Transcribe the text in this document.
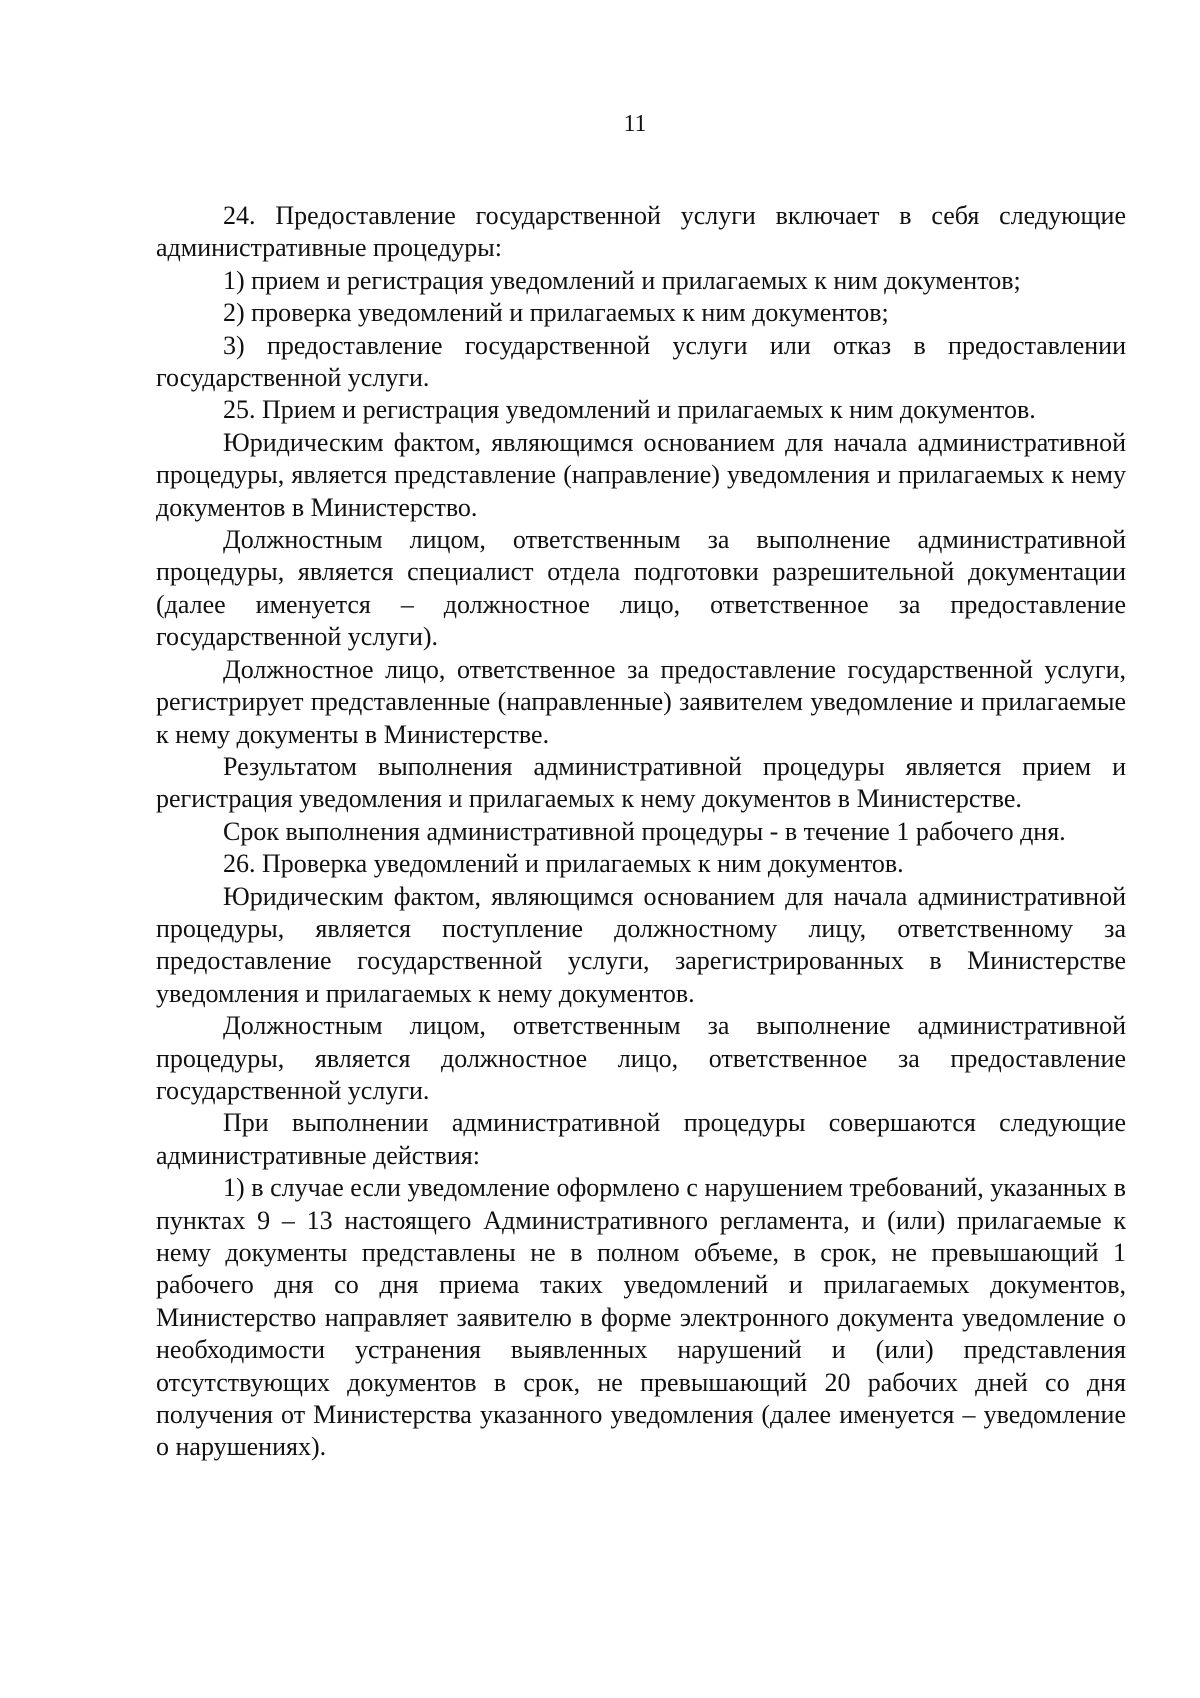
11

24. Предоставление государственной услуги включает в себя следующие административные процедуры:

1) прием и регистрация уведомлений и прилагаемых к ним документов;

2) проверка уведомлений и прилагаемых к ним документов;

3) предоставление государственной услуги или отказ в предоставлении государственной услуги.

25. Прием и регистрация уведомлений и прилагаемых к ним документов.

Юридическим фактом, являющимся основанием для начала административной процедуры, является представление (направление) уведомления и прилагаемых к нему документов в Министерство.

Должностным лицом, ответственным за выполнение административной процедуры, является специалист отдела подготовки разрешительной документации (далее именуется – должностное лицо, ответственное за предоставление государственной услуги).

Должностное лицо, ответственное за предоставление государственной услуги, регистрирует представленные (направленные) заявителем уведомление и прилагаемые к нему документы в Министерстве.

Результатом выполнения административной процедуры является прием и регистрация уведомления и прилагаемых к нему документов в Министерстве.

Срок выполнения административной процедуры - в течение 1 рабочего дня.

26. Проверка уведомлений и прилагаемых к ним документов.

Юридическим фактом, являющимся основанием для начала административной процедуры, является поступление должностному лицу, ответственному за предоставление государственной услуги, зарегистрированных в Министерстве уведомления и прилагаемых к нему документов.

Должностным лицом, ответственным за выполнение административной процедуры, является должностное лицо, ответственное за предоставление государственной услуги.

При выполнении административной процедуры совершаются следующие административные действия:

1) в случае если уведомление оформлено с нарушением требований, указанных в пунктах 9 – 13 настоящего Административного регламента, и (или) прилагаемые к нему документы представлены не в полном объеме, в срок, не превышающий 1 рабочего дня со дня приема таких уведомлений и прилагаемых документов, Министерство направляет заявителю в форме электронного документа уведомление о необходимости устранения выявленных нарушений и (или) представления отсутствующих документов в срок, не превышающий 20 рабочих дней со дня получения от Министерства указанного уведомления (далее именуется – уведомление о нарушениях).
